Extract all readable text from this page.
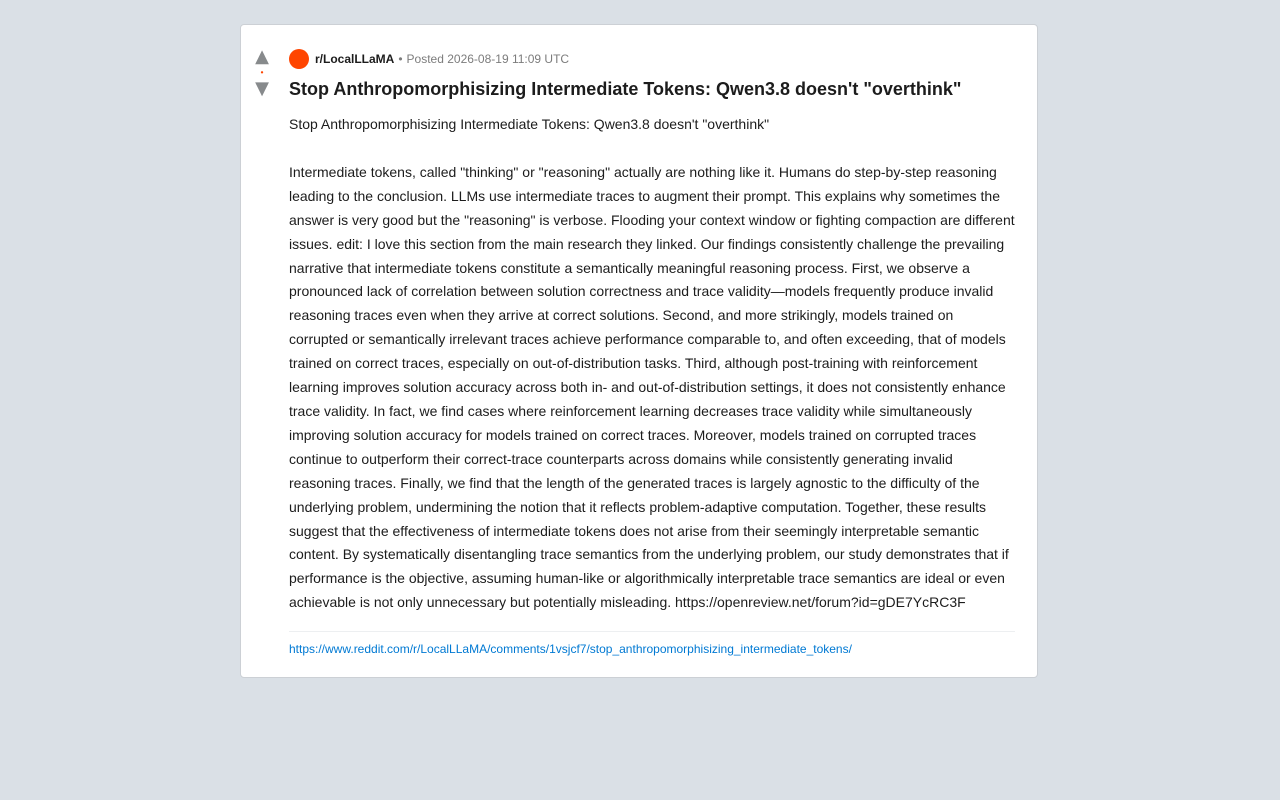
▲
•
▼
r/LocalLLaMA • Posted 2026-08-19 11:09 UTC
Stop Anthropomorphisizing Intermediate Tokens: Qwen3.8 doesn't "overthink"

Stop Anthropomorphisizing Intermediate Tokens: Qwen3.8 doesn't "overthink"

Intermediate tokens, called "thinking" or "reasoning" actually are nothing like it. Humans do step-by-step reasoning leading to the conclusion. LLMs use intermediate traces to augment their prompt. This explains why sometimes the answer is very good but the "reasoning" is verbose. Flooding your context window or fighting compaction are different issues. edit: I love this section from the main research they linked. Our findings consistently challenge the prevailing narrative that intermediate tokens constitute a semantically meaningful reasoning process. First, we observe a pronounced lack of correlation between solution correctness and trace validity—models frequently produce invalid reasoning traces even when they arrive at correct solutions. Second, and more strikingly, models trained on corrupted or semantically irrelevant traces achieve performance comparable to, and often exceeding, that of models trained on correct traces, especially on out-of-distribution tasks. Third, although post-training with reinforcement learning improves solution accuracy across both in- and out-of-distribution settings, it does not consistently enhance trace validity. In fact, we find cases where reinforcement learning decreases trace validity while simultaneously improving solution accuracy for models trained on correct traces. Moreover, models trained on corrupted traces continue to outperform their correct-trace counterparts across domains while consistently generating invalid reasoning traces. Finally, we find that the length of the generated traces is largely agnostic to the difficulty of the underlying problem, undermining the notion that it reflects problem-adaptive computation. Together, these results suggest that the effectiveness of intermediate tokens does not arise from their seemingly interpretable semantic content. By systematically disentangling trace semantics from the underlying problem, our study demonstrates that if performance is the objective, assuming human-like or algorithmically interpretable trace semantics are ideal or even achievable is not only unnecessary but potentially misleading. https://openreview.net/forum?id=gDE7YcRC3F

https://www.reddit.com/r/LocalLLaMA/comments/1vsjcf7/stop_anthropomorphisizing_intermediate_tokens/
